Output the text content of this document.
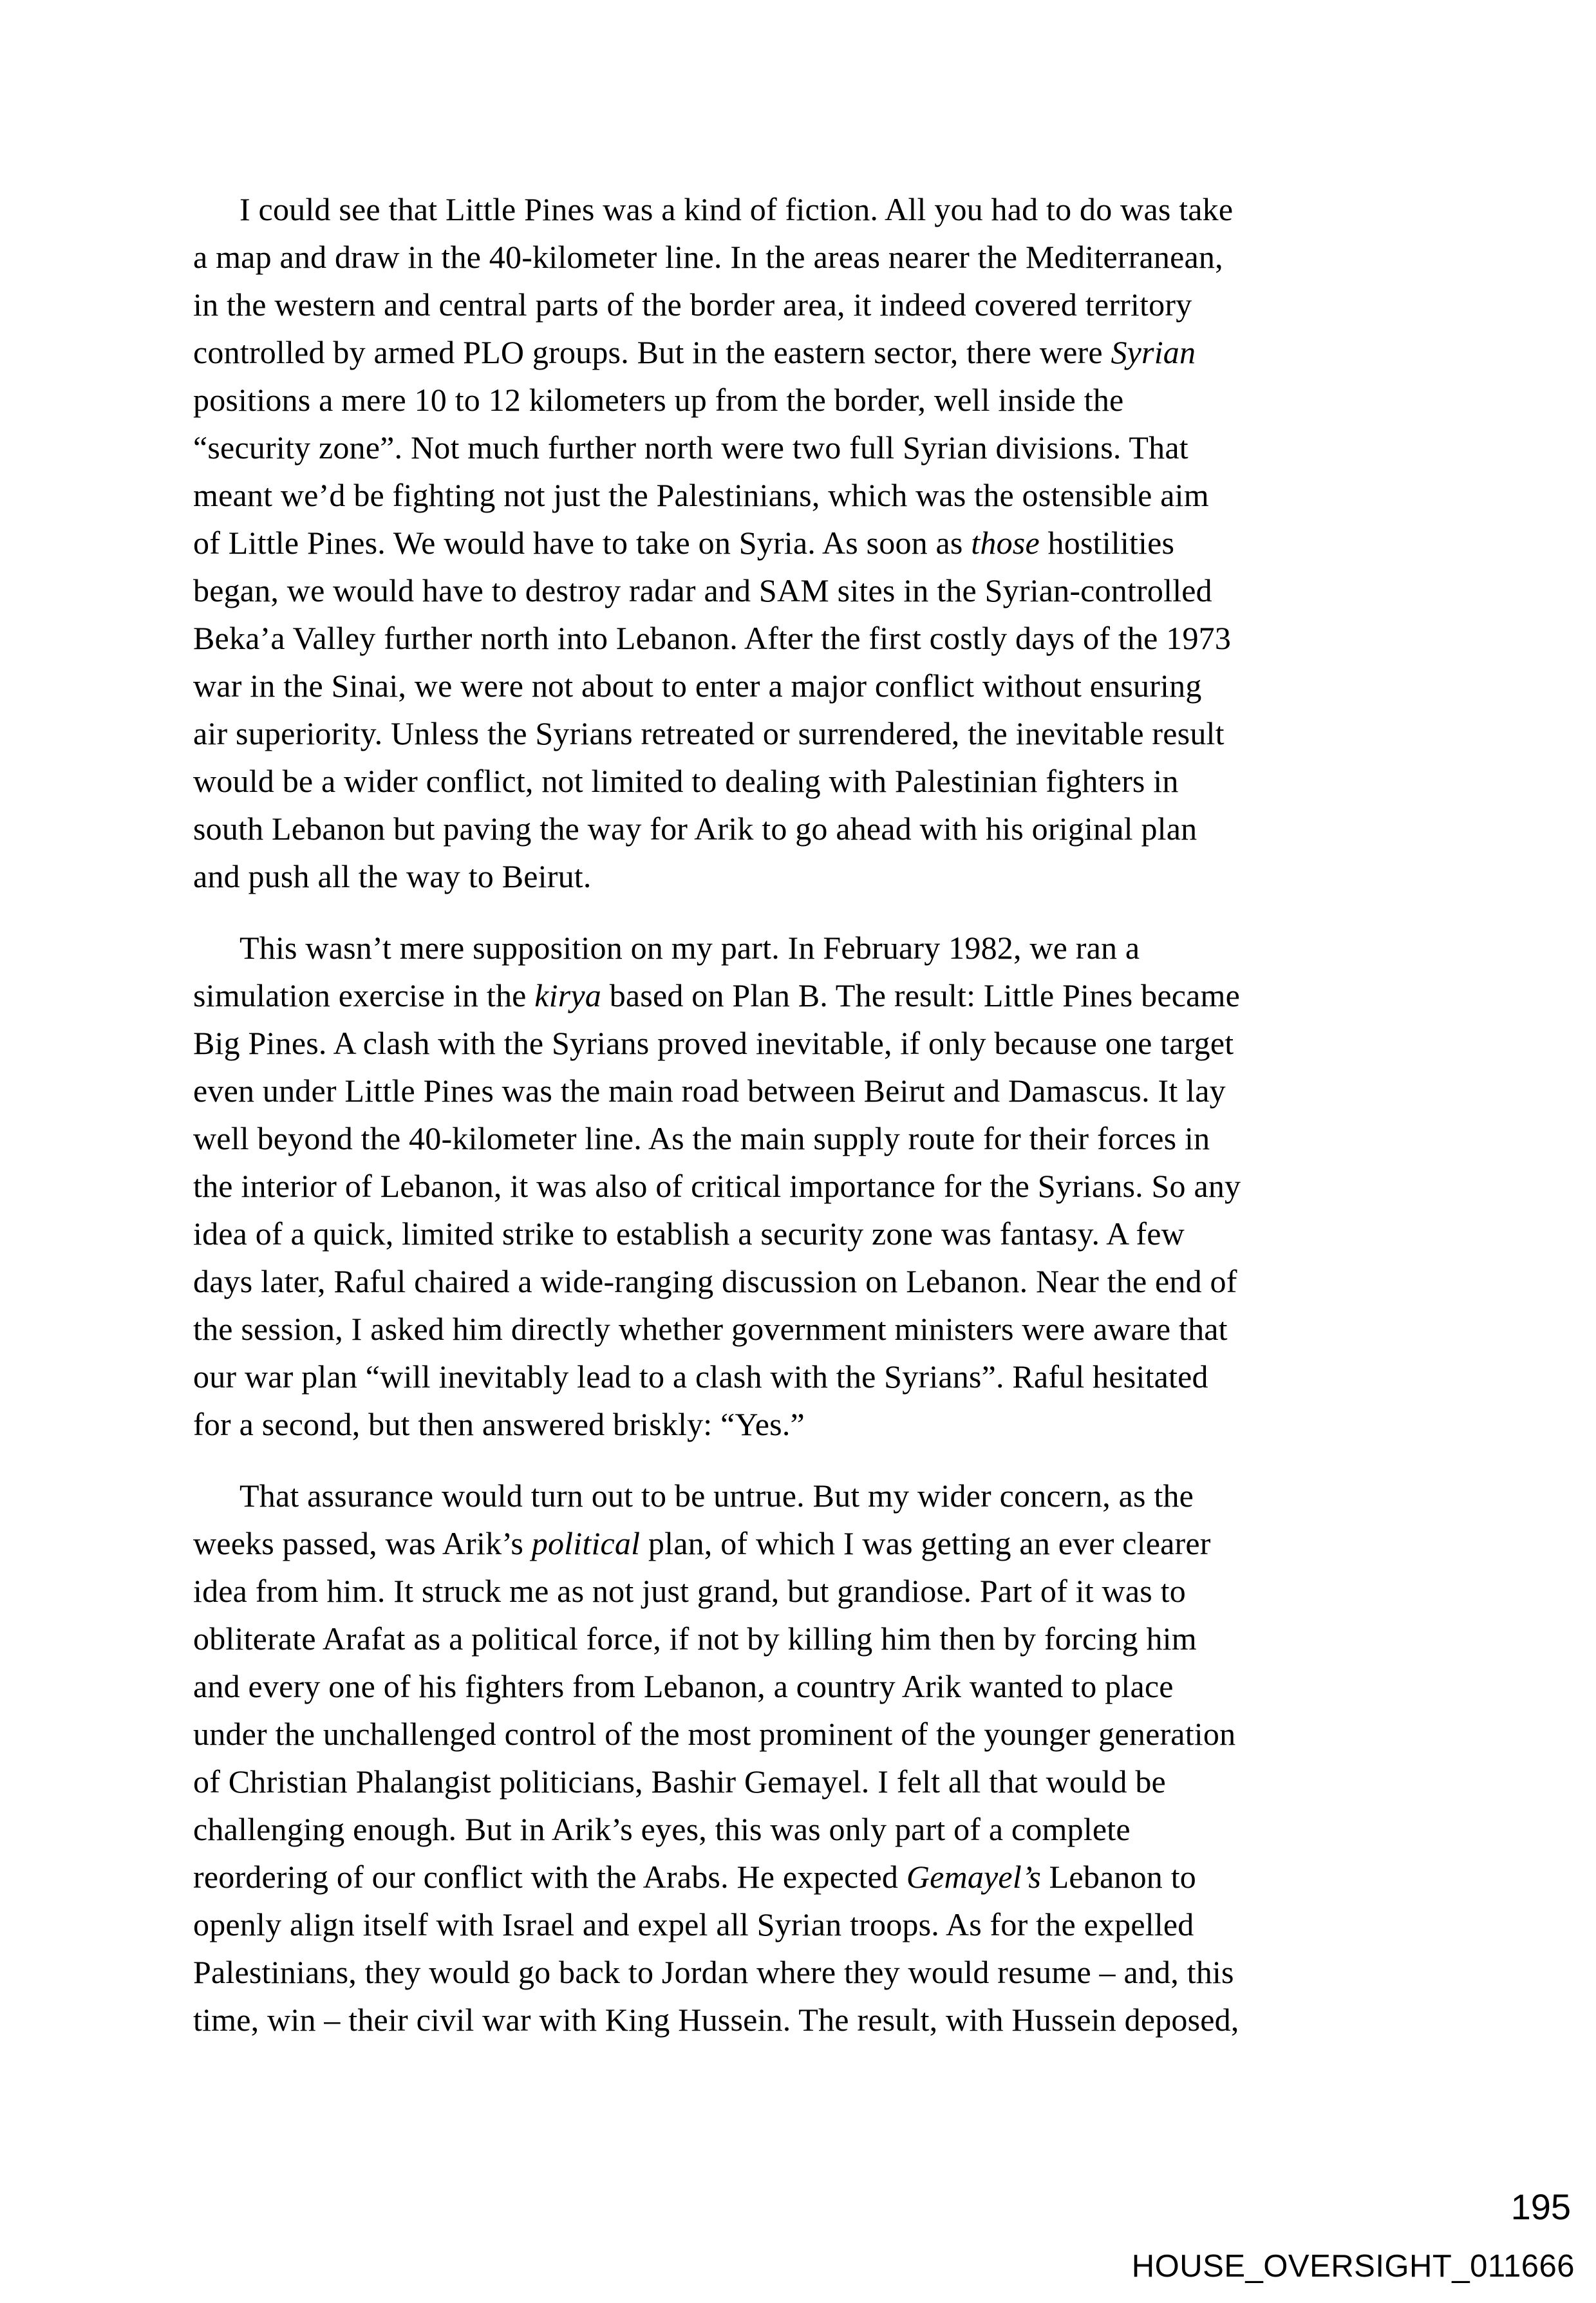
I could see that Little Pines was a kind of fiction. All you had to do was take
a map and draw in the 40-kilometer line. In the areas nearer the Mediterranean,
in the western and central parts of the border area, it indeed covered territory
controlled by armed PLO groups. But in the eastern sector, there were Syrian
positions a mere 10 to 12 kilometers up from the border, well inside the
“security zone”. Not much further north were two full Syrian divisions. That
meant we’d be fighting not just the Palestinians, which was the ostensible aim
of Little Pines. We would have to take on Syria. As soon as those hostilities
began, we would have to destroy radar and SAM sites in the Syrian-controlled
Beka’a Valley further north into Lebanon. After the first costly days of the 1973
war in the Sinai, we were not about to enter a major conflict without ensuring
air superiority. Unless the Syrians retreated or surrendered, the inevitable result
would be a wider conflict, not limited to dealing with Palestinian fighters in
south Lebanon but paving the way for Arik to go ahead with his original plan
and push all the way to Beirut.
This wasn’t mere supposition on my part. In February 1982, we ran a
simulation exercise in the kirya based on Plan B. The result: Little Pines became
Big Pines. A clash with the Syrians proved inevitable, if only because one target
even under Little Pines was the main road between Beirut and Damascus. It lay
well beyond the 40-kilometer line. As the main supply route for their forces in
the interior of Lebanon, it was also of critical importance for the Syrians. So any
idea of a quick, limited strike to establish a security zone was fantasy. A few
days later, Raful chaired a wide-ranging discussion on Lebanon. Near the end of
the session, I asked him directly whether government ministers were aware that
our war plan “will inevitably lead to a clash with the Syrians”. Raful hesitated
for a second, but then answered briskly: “Yes.”
That assurance would turn out to be untrue. But my wider concern, as the
weeks passed, was Arik’s political plan, of which I was getting an ever clearer
idea from him. It struck me as not just grand, but grandiose. Part of it was to
obliterate Arafat as a political force, if not by killing him then by forcing him
and every one of his fighters from Lebanon, a country Arik wanted to place
under the unchallenged control of the most prominent of the younger generation
of Christian Phalangist politicians, Bashir Gemayel. I felt all that would be
challenging enough. But in Arik’s eyes, this was only part of a complete
reordering of our conflict with the Arabs. He expected Gemayel’s Lebanon to
openly align itself with Israel and expel all Syrian troops. As for the expelled
Palestinians, they would go back to Jordan where they would resume – and, this
time, win – their civil war with King Hussein. The result, with Hussein deposed,
195
HOUSE_OVERSIGHT_011666
